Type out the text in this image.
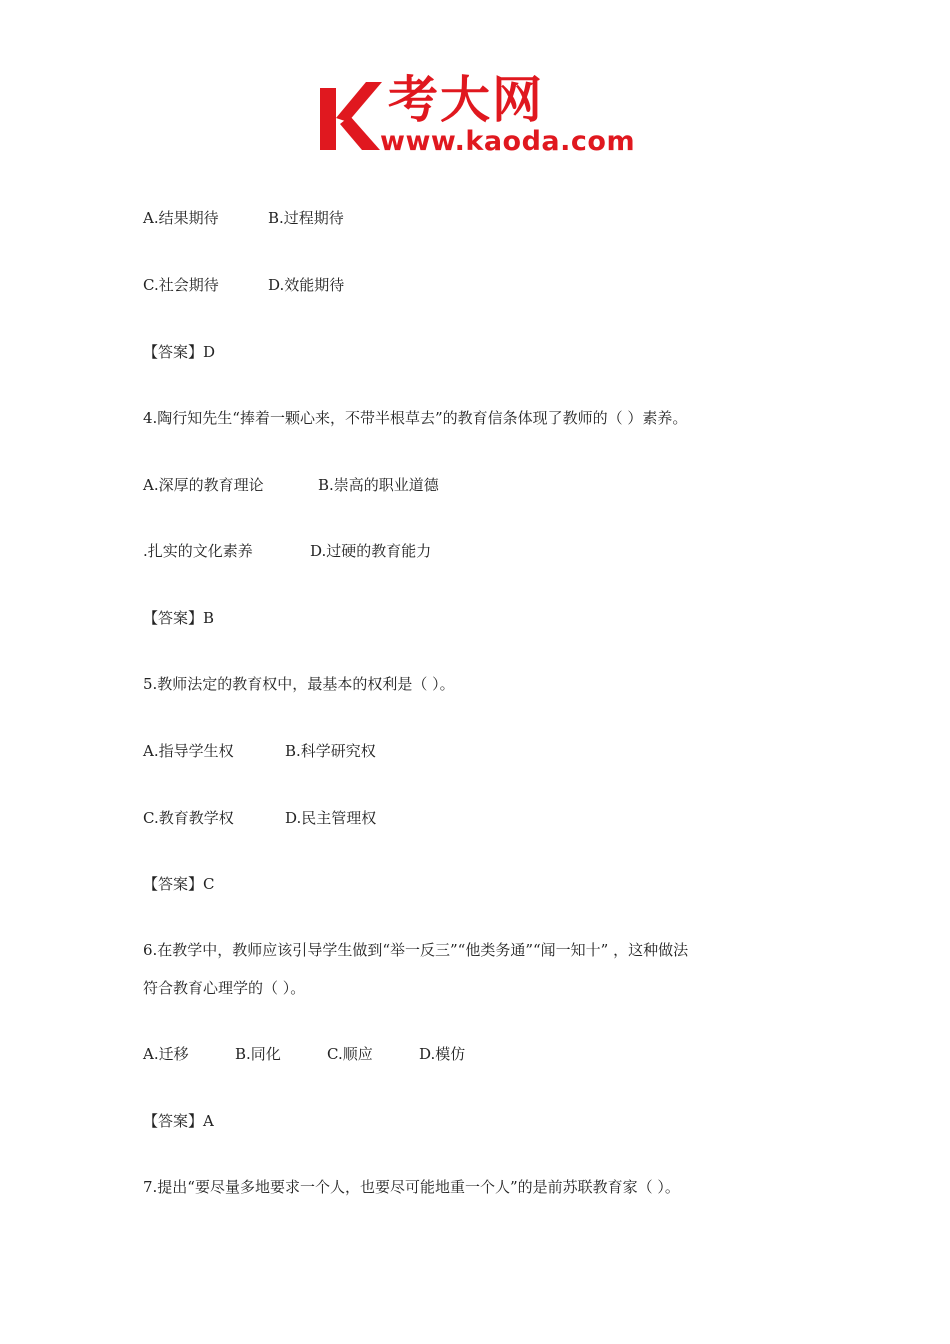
考大网
www.kaoda.com
A.结果期待	B.过程期待
C.社会期待	D.效能期待
【答案】D
4.陶行知先生“捧着一颗心来，不带半根草去”的教育信条体现了教师的（ ）素养。
A.深厚的教育理论	B.崇高的职业道德
.扎实的文化素养	D.过硬的教育能力
【答案】B
5.教师法定的教育权中，最基本的权利是（ ）。
A.指导学生权	B.科学研究权
C.教育教学权	D.民主管理权
【答案】C
6.在教学中，教师应该引导学生做到“举一反三”“他类务通”“闻一知十” ，这种做法
符合教育心理学的（ ）。
A.迁移	B.同化	C.顺应	D.模仿
【答案】A
7.提出“要尽量多地要求一个人，也要尽可能地重一个人”的是前苏联教育家（ ）。
